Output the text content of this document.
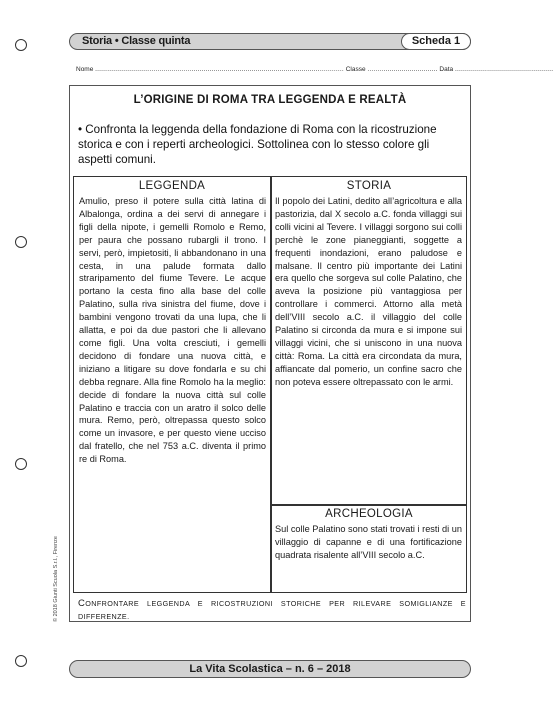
Storia • Classe quinta	Scheda 1
Nome ............................................................................................................................ Classe ................................... Data .................................................
L’ORIGINE DI ROMA TRA LEGGENDA E REALTÀ
• Confronta la leggenda della fondazione di Roma con la ricostruzione storica e con i reperti archeologici. Sottolinea con lo stesso colore gli aspetti comuni.
LEGGENDA
Amulio, preso il potere sulla città latina di Albalonga, ordina a dei servi di annegare i figli della nipote, i gemelli Romolo e Remo, per paura che possano rubargli il trono. I servi, però, impietositi, li abbandonano in una cesta, in una palude formata dallo straripamento del fiume Tevere. Le acque portano la cesta fino alla base del colle Palatino, sulla riva sinistra del fiume, dove i bambini vengono trovati da una lupa, che li allatta, e poi da due pastori che li allevano come figli. Una volta cresciuti, i gemelli decidono di fondare una nuova città, e iniziano a litigare su dove fondarla e su chi debba regnare. Alla fine Romolo ha la meglio: decide di fondare la nuova città sul colle Palatino e traccia con un aratro il solco delle mura. Remo, però, oltrepassa questo solco come un invasore, e per questo viene ucciso dal fratello, che nel 753 a.C. diventa il primo re di Roma.
STORIA
Il popolo dei Latini, dedito all’agricoltura e alla pastorizia, dal X secolo a.C. fonda villaggi sui colli vicini al Tevere. I villaggi sorgono sui colli perchè le zone pianeggianti, soggette a frequenti inondazioni, erano paludose e malsane. Il centro più importante dei Latini era quello che sorgeva sul colle Palatino, che aveva la posizione più vantaggiosa per controllare i commerci. Attorno alla metà dell’VIII secolo a.C. il villaggio del colle Palatino si circonda da mura e si impone sui villaggi vicini, che si uniscono in una nuova città: Roma. La città era circondata da mura, affiancate dal pomerio, un confine sacro che non poteva essere oltrepassato con le armi.
ARCHEOLOGIA
Sul colle Palatino sono stati trovati i resti di un villaggio di capanne e di una fortificazione quadrata risalente all’VIII secolo a.C.
CONFRONTARE LEGGENDA E RICOSTRUZIONI STORICHE PER RILEVARE SOMIGLIANZE E DIFFERENZE.
© 2018 Giunti Scuola S.r.l., Firenze
La Vita Scolastica – n. 6 – 2018
